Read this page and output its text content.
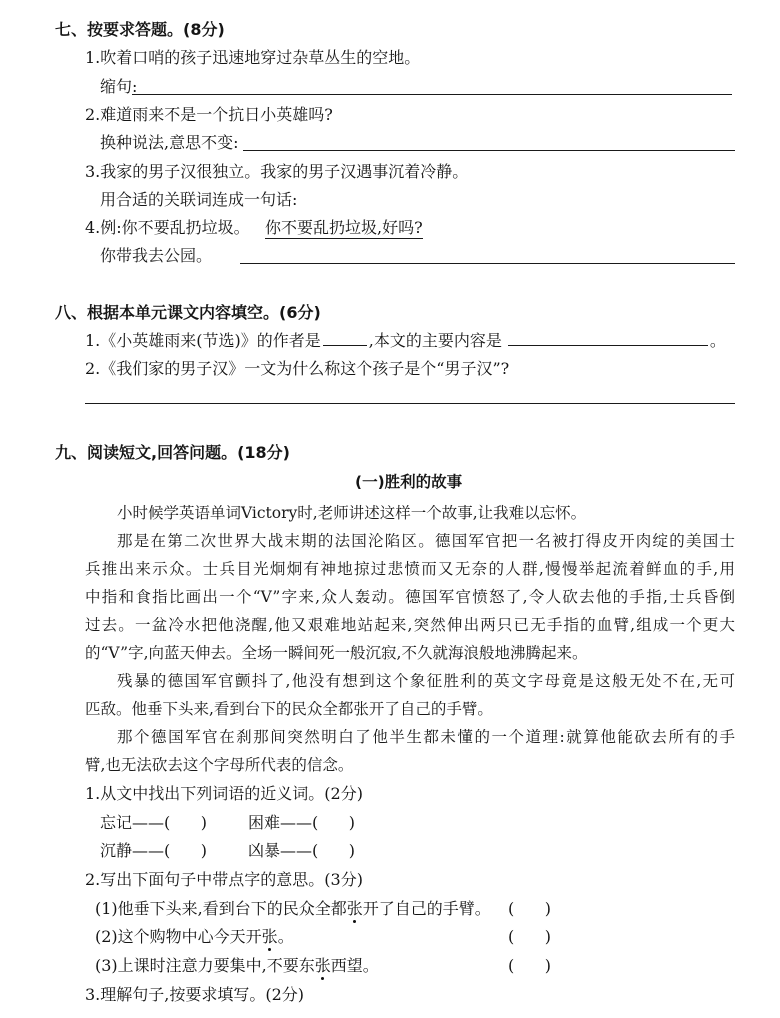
七、按要求答题。(8分)
1.吹着口哨的孩子迅速地穿过杂草丛生的空地。
缩句:
2.难道雨来不是一个抗日小英雄吗?
换种说法,意思不变:
3.我家的男子汉很独立。我家的男子汉遇事沉着冷静。
用合适的关联词连成一句话:
4.例:你不要乱扔垃圾。 你不要乱扔垃圾,好吗?
你带我去公园。
八、根据本单元课文内容填空。(6分)
1.《小英雄雨来(节选)》的作者是	,本文的主要内容是	。
2.《我们家的男子汉》一文为什么称这个孩子是个“男子汉”?
九、阅读短文,回答问题。(18分)
(一)胜利的故事
小时候学英语单词Victory时,老师讲述这样一个故事,让我难以忘怀。
那是在第二次世界大战末期的法国沦陷区。德国军官把一名被打得皮开肉绽的美国士
兵推出来示众。士兵目光炯炯有神地掠过悲愤而又无奈的人群,慢慢举起流着鲜血的手,用
中指和食指比画出一个“V”字来,众人轰动。德国军官愤怒了,令人砍去他的手指,士兵昏倒
过去。一盆冷水把他浇醒,他又艰难地站起来,突然伸出两只已无手指的血臂,组成一个更大
的“V”字,向蓝天伸去。全场一瞬间死一般沉寂,不久就海浪般地沸腾起来。
残暴的德国军官颤抖了,他没有想到这个象征胜利的英文字母竟是这般无处不在,无可
匹敌。他垂下头来,看到台下的民众全都张开了自己的手臂。
那个德国军官在刹那间突然明白了他半生都未懂的一个道理:就算他能砍去所有的手
臂,也无法砍去这个字母所代表的信念。
1.从文中找出下列词语的近义词。(2分)
忘记——(      )	困难——(      )
沉静——(      )	凶暴——(      )
2.写出下面句子中带点字的意思。(3分)
(1)他垂下头来,看到台下的民众全都张开了自己的手臂。 (      )
(2)这个购物中心今天开张。	(      )
(3)上课时注意力要集中,不要东张西望。	(      )
3.理解句子,按要求填写。(2分)
